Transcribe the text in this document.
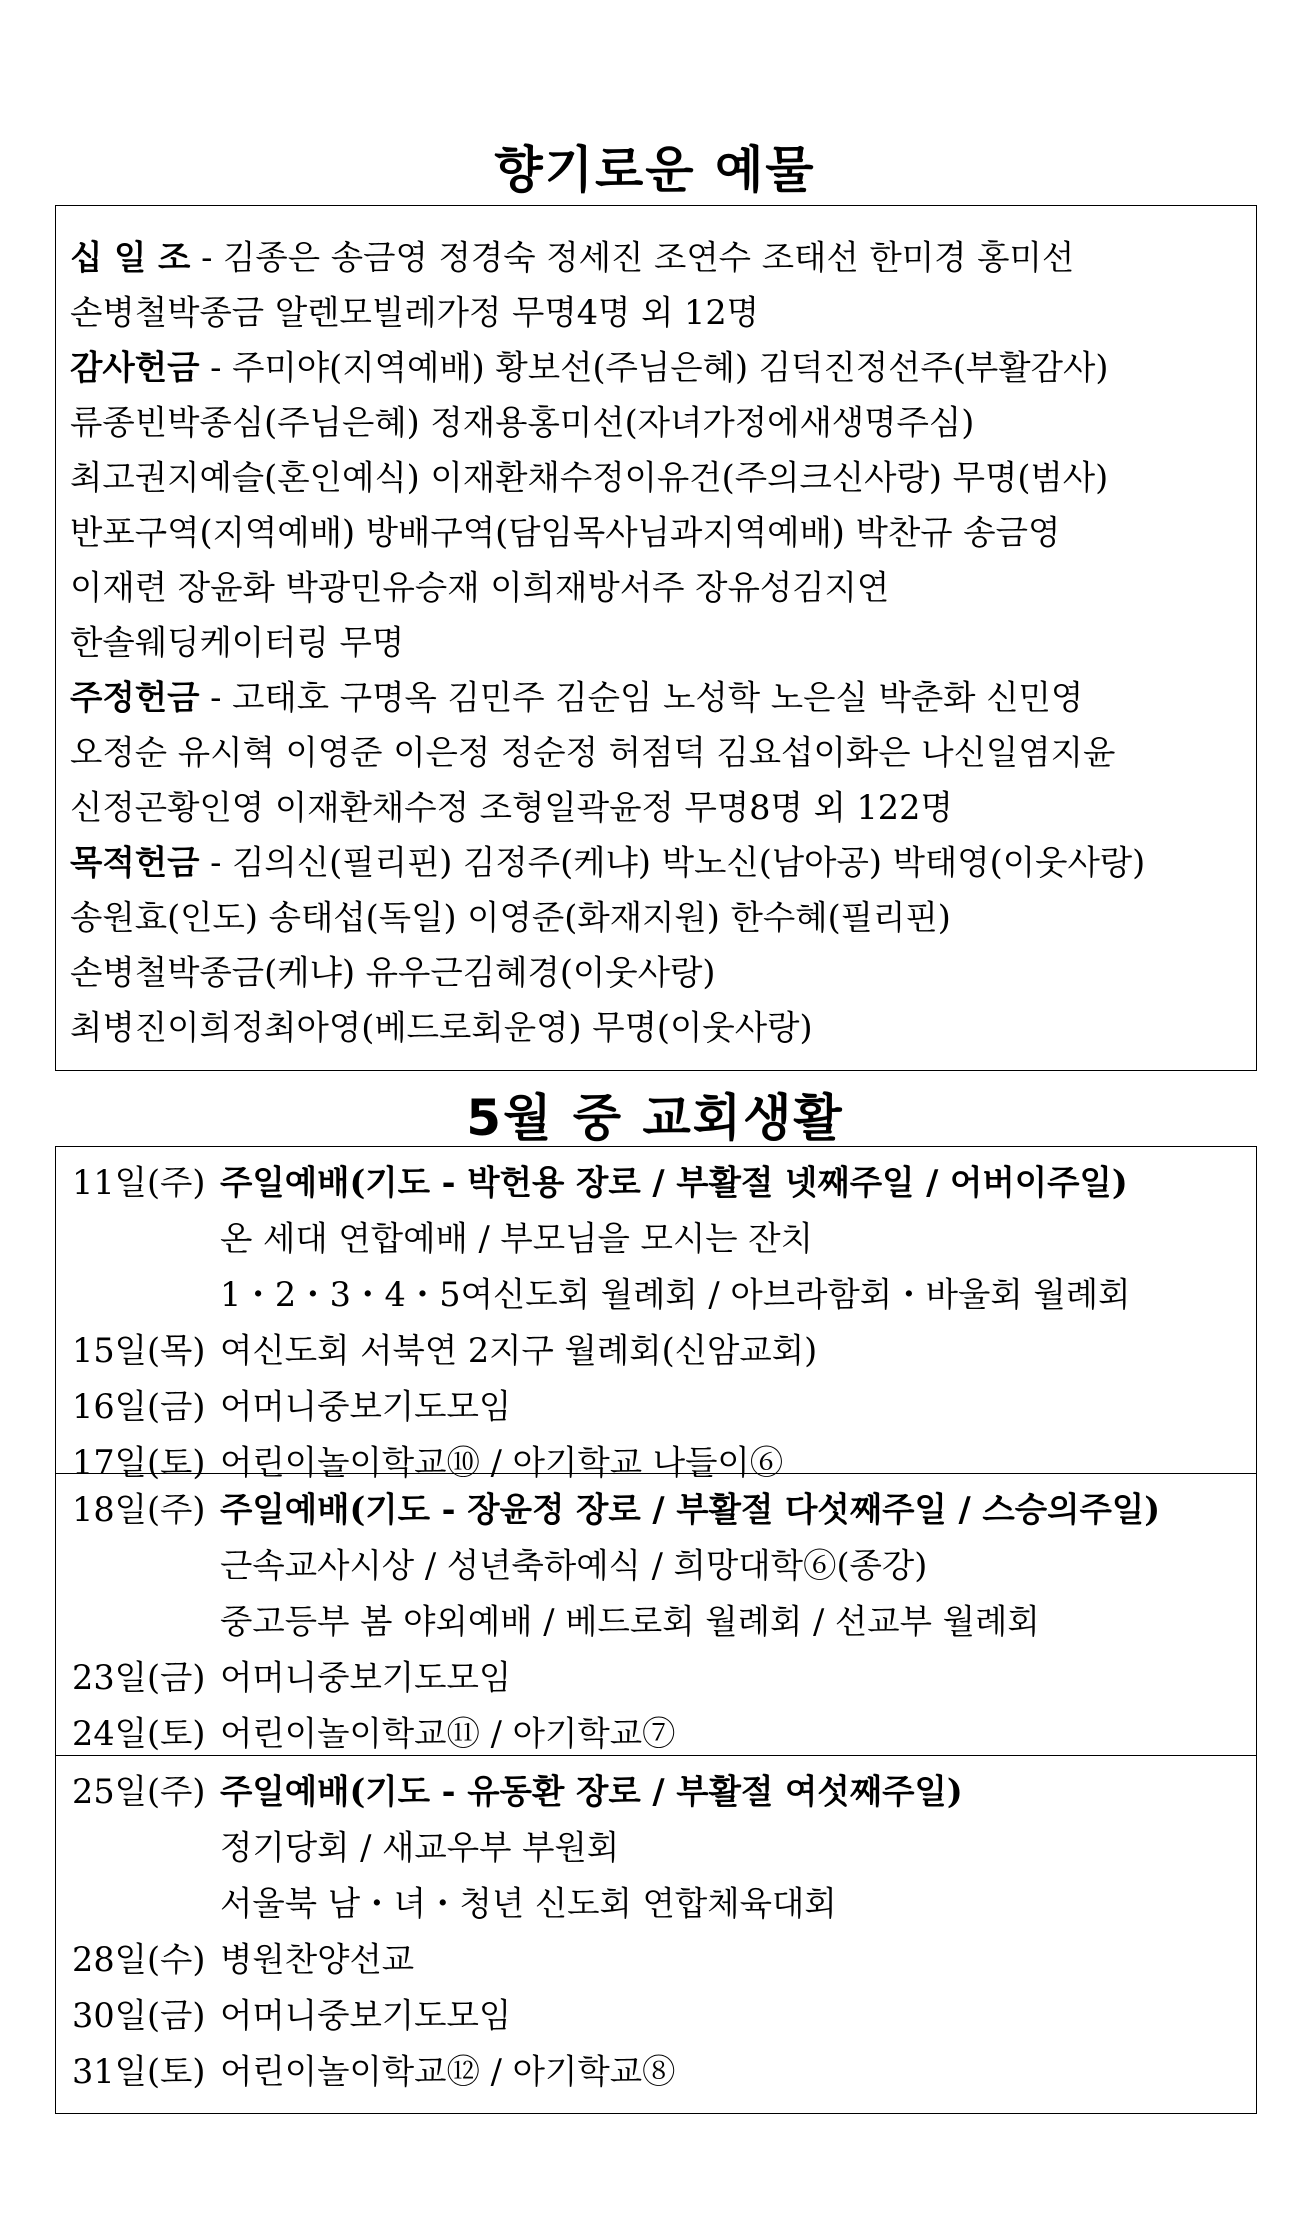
향기로운 예물
십 일 조 - 김종은 송금영 정경숙 정세진 조연수 조태선 한미경 홍미선
손병철박종금 알렌모빌레가정 무명4명 외 12명
감사헌금 - 주미야(지역예배) 황보선(주님은혜) 김덕진정선주(부활감사)
류종빈박종심(주님은혜) 정재용홍미선(자녀가정에새생명주심)
최고권지예슬(혼인예식) 이재환채수정이유건(주의크신사랑) 무명(범사)
반포구역(지역예배) 방배구역(담임목사님과지역예배) 박찬규 송금영
이재련 장윤화 박광민유승재 이희재방서주 장유성김지연
한솔웨딩케이터링 무명
주정헌금 - 고태호 구명옥 김민주 김순임 노성학 노은실 박춘화 신민영
오정순 유시혁 이영준 이은정 정순정 허점덕 김요섭이화은 나신일염지윤
신정곤황인영 이재환채수정 조형일곽윤정 무명8명 외 122명
목적헌금 - 김의신(필리핀) 김정주(케냐) 박노신(남아공) 박태영(이웃사랑)
송원효(인도) 송태섭(독일) 이영준(화재지원) 한수혜(필리핀)
손병철박종금(케냐) 유우근김혜경(이웃사랑)
최병진이희정최아영(베드로회운영) 무명(이웃사랑)
5월 중 교회생활
11일(주) 주일예배(기도 - 박헌용 장로 / 부활절 넷째주일 / 어버이주일)
온 세대 연합예배 / 부모님을 모시는 잔치
1・2・3・4・5여신도회 월례회 / 아브라함회・바울회 월례회
15일(목) 여신도회 서북연 2지구 월례회(신암교회)
16일(금) 어머니중보기도모임
17일(토) 어린이놀이학교⑩ / 아기학교 나들이⑥
18일(주) 주일예배(기도 - 장윤정 장로 / 부활절 다섯째주일 / 스승의주일)
근속교사시상 / 성년축하예식 / 희망대학⑥(종강)
중고등부 봄 야외예배 / 베드로회 월례회 / 선교부 월례회
23일(금) 어머니중보기도모임
24일(토) 어린이놀이학교⑪ / 아기학교⑦
25일(주) 주일예배(기도 - 유동환 장로 / 부활절 여섯째주일)
정기당회 / 새교우부 부원회
서울북 남・녀・청년 신도회 연합체육대회
28일(수) 병원찬양선교
30일(금) 어머니중보기도모임
31일(토) 어린이놀이학교⑫ / 아기학교⑧
